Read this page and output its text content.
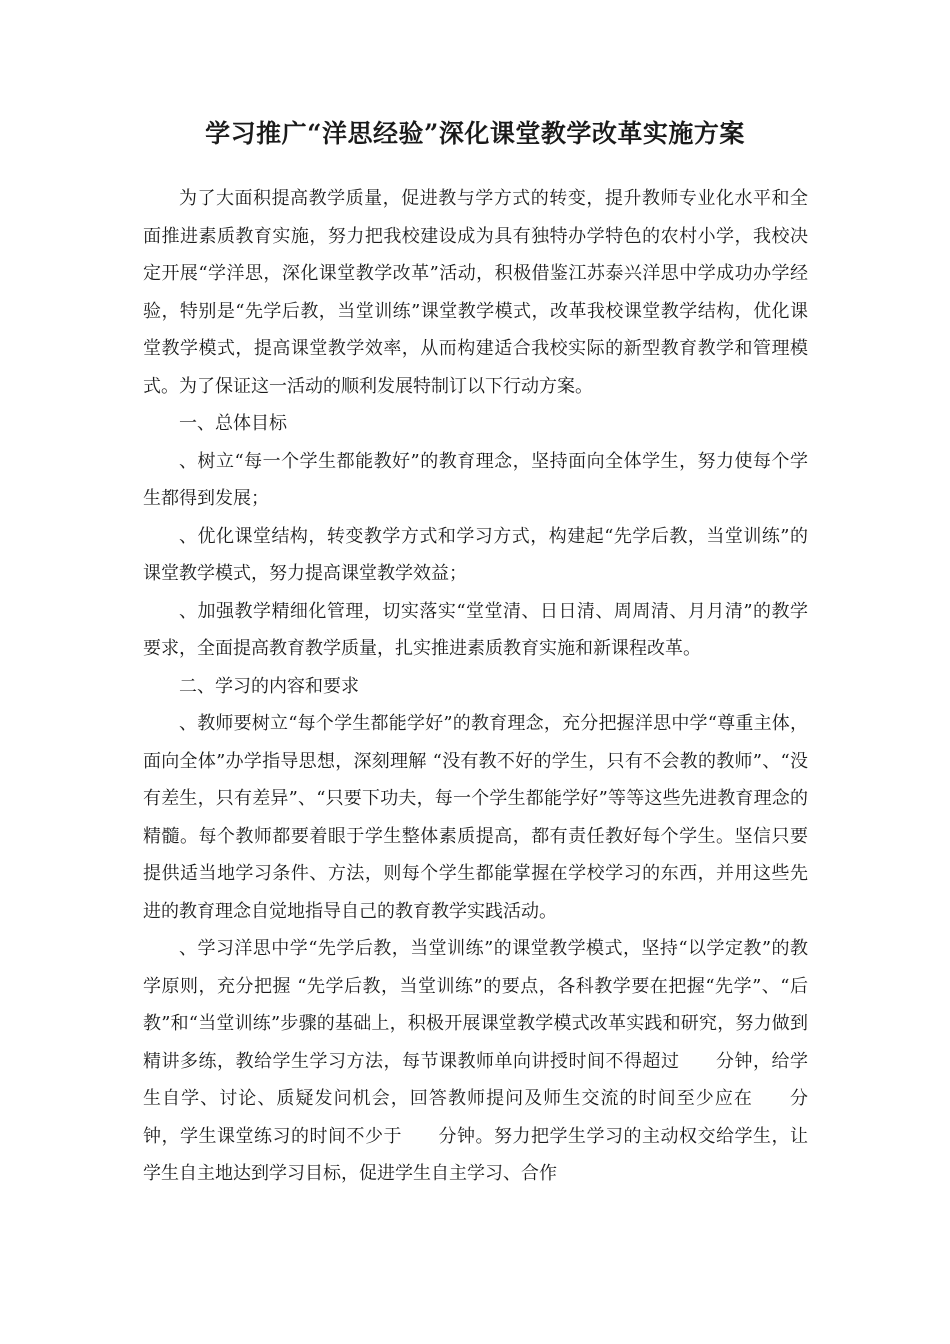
学习推广“洋思经验”深化课堂教学改革实施方案

为了大面积提高教学质量，促进教与学方式的转变，提升教师专业化水平和全面推进素质教育实施，努力把我校建设成为具有独特办学特色的农村小学，我校决定开展“学洋思，深化课堂教学改革”活动，积极借鉴江苏泰兴洋思中学成功办学经验，特别是“先学后教，当堂训练”课堂教学模式，改革我校课堂教学结构，优化课堂教学模式，提高课堂教学效率，从而构建适合我校实际的新型教育教学和管理模式。为了保证这一活动的顺利发展特制订以下行动方案。

一、总体目标

、树立“每一个学生都能教好”的教育理念，坚持面向全体学生，努力使每个学生都得到发展；

、优化课堂结构，转变教学方式和学习方式，构建起“先学后教，当堂训练”的课堂教学模式，努力提高课堂教学效益；

、加强教学精细化管理，切实落实“堂堂清、日日清、周周清、月月清”的教学要求，全面提高教育教学质量，扎实推进素质教育实施和新课程改革。

二、学习的内容和要求

、教师要树立“每个学生都能学好”的教育理念，充分把握洋思中学“尊重主体，面向全体”办学指导思想，深刻理解 “没有教不好的学生，只有不会教的教师”、“没有差生，只有差异”、“只要下功夫，每一个学生都能学好”等等这些先进教育理念的精髓。每个教师都要着眼于学生整体素质提高，都有责任教好每个学生。坚信只要提供适当地学习条件、方法，则每个学生都能掌握在学校学习的东西，并用这些先进的教育理念自觉地指导自己的教育教学实践活动。

、学习洋思中学“先学后教，当堂训练”的课堂教学模式，坚持“以学定教”的教学原则，充分把握 “先学后教，当堂训练”的要点，各科教学要在把握“先学”、“后教”和“当堂训练”步骤的基础上，积极开展课堂教学模式改革实践和研究，努力做到精讲多练，教给学生学习方法，每节课教师单向讲授时间不得超过 分钟，给学生自学、讨论、质疑发问机会，回答教师提问及师生交流的时间至少应在 分钟，学生课堂练习的时间不少于 分钟。努力把学生学习的主动权交给学生，让学生自主地达到学习目标，促进学生自主学习、合作
